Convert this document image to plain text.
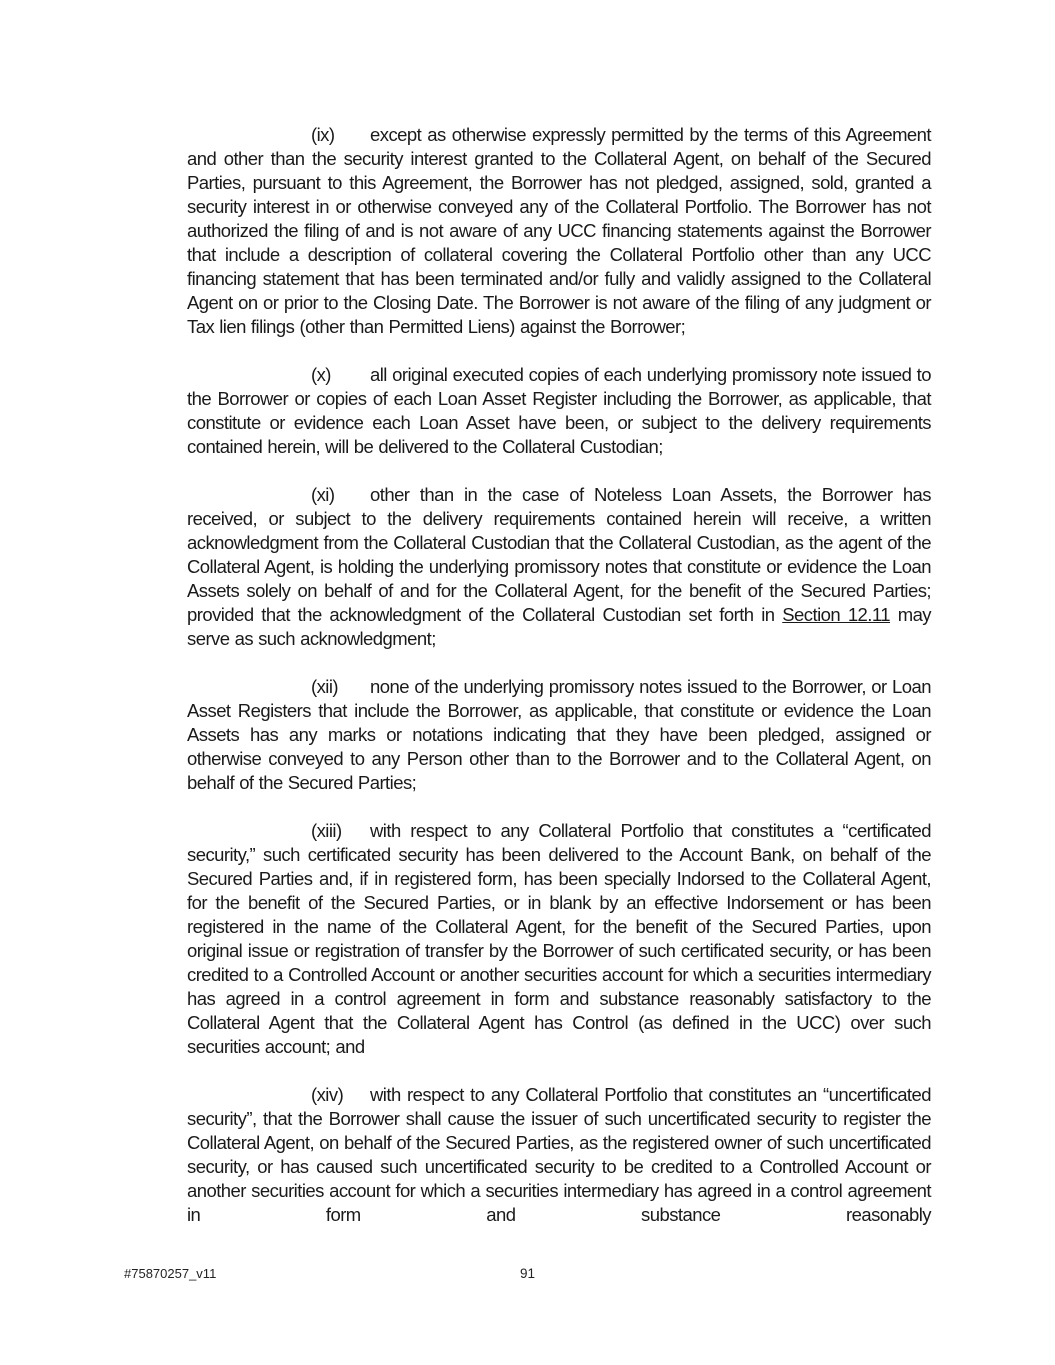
(ix) except as otherwise expressly permitted by the terms of this Agreement and other than the security interest granted to the Collateral Agent, on behalf of the Secured Parties, pursuant to this Agreement, the Borrower has not pledged, assigned, sold, granted a security interest in or otherwise conveyed any of the Collateral Portfolio. The Borrower has not authorized the filing of and is not aware of any UCC financing statements against the Borrower that include a description of collateral covering the Collateral Portfolio other than any UCC financing statement that has been terminated and/or fully and validly assigned to the Collateral Agent on or prior to the Closing Date. The Borrower is not aware of the filing of any judgment or Tax lien filings (other than Permitted Liens) against the Borrower;

(x) all original executed copies of each underlying promissory note issued to the Borrower or copies of each Loan Asset Register including the Borrower, as applicable, that constitute or evidence each Loan Asset have been, or subject to the delivery requirements contained herein, will be delivered to the Collateral Custodian;

(xi) other than in the case of Noteless Loan Assets, the Borrower has received, or subject to the delivery requirements contained herein will receive, a written acknowledgment from the Collateral Custodian that the Collateral Custodian, as the agent of the Collateral Agent, is holding the underlying promissory notes that constitute or evidence the Loan Assets solely on behalf of and for the Collateral Agent, for the benefit of the Secured Parties; provided that the acknowledgment of the Collateral Custodian set forth in Section 12.11 may serve as such acknowledgment;

(xii) none of the underlying promissory notes issued to the Borrower, or Loan Asset Registers that include the Borrower, as applicable, that constitute or evidence the Loan Assets has any marks or notations indicating that they have been pledged, assigned or otherwise conveyed to any Person other than to the Borrower and to the Collateral Agent, on behalf of the Secured Parties;

(xiii) with respect to any Collateral Portfolio that constitutes a “certificated security,” such certificated security has been delivered to the Account Bank, on behalf of the Secured Parties and, if in registered form, has been specially Indorsed to the Collateral Agent, for the benefit of the Secured Parties, or in blank by an effective Indorsement or has been registered in the name of the Collateral Agent, for the benefit of the Secured Parties, upon original issue or registration of transfer by the Borrower of such certificated security, or has been credited to a Controlled Account or another securities account for which a securities intermediary has agreed in a control agreement in form and substance reasonably satisfactory to the Collateral Agent that the Collateral Agent has Control (as defined in the UCC) over such securities account; and

(xiv) with respect to any Collateral Portfolio that constitutes an “uncertificated security”, that the Borrower shall cause the issuer of such uncertificated security to register the Collateral Agent, on behalf of the Secured Parties, as the registered owner of such uncertificated security, or has caused such uncertificated security to be credited to a Controlled Account or another securities account for which a securities intermediary has agreed in a control agreement in form and substance reasonably

#75870257_v11	91
